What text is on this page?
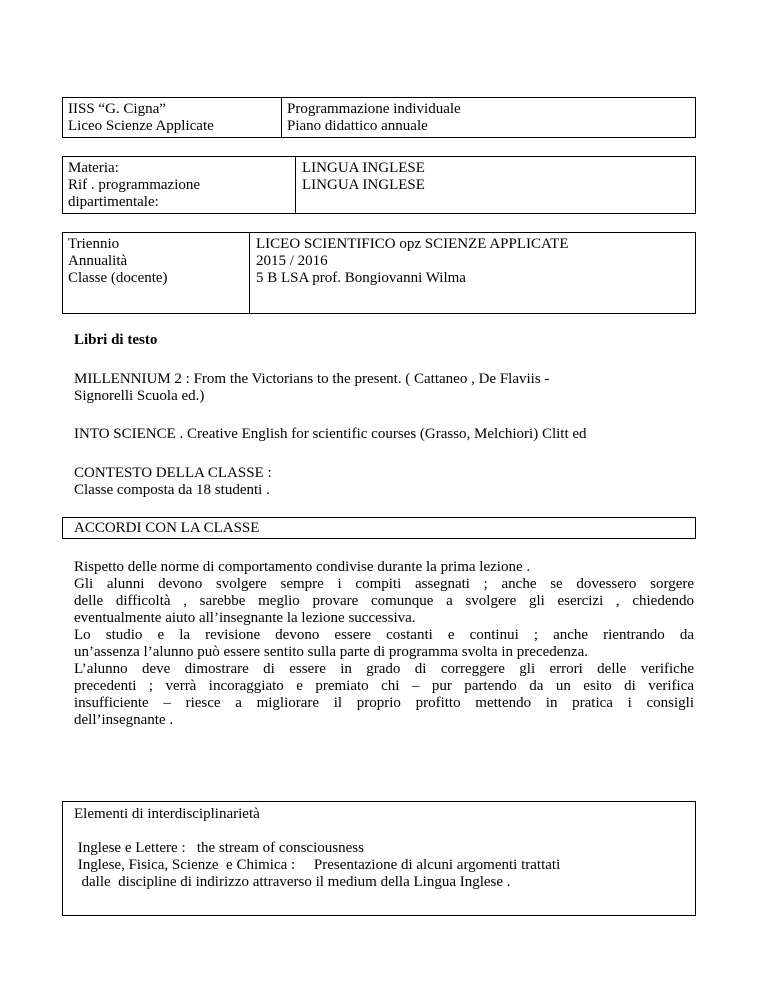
IISS “G. Cigna”
Liceo Scienze Applicate
Programmazione individuale
Piano didattico annuale
Materia:
Rif . programmazione
dipartimentale:
LINGUA INGLESE
LINGUA INGLESE
Triennio
Annualità
Classe (docente)
LICEO SCIENTIFICO opz SCIENZE APPLICATE
2015 / 2016
5 B LSA prof. Bongiovanni Wilma
Libri di testo
MILLENNIUM 2 : From the Victorians to the present. ( Cattaneo , De Flaviis -
Signorelli Scuola ed.)
INTO SCIENCE . Creative English for scientific courses (Grasso, Melchiori) Clitt ed
CONTESTO DELLA CLASSE :
Classe composta da 18 studenti .
ACCORDI CON LA CLASSE
Rispetto delle norme di comportamento condivise durante la prima lezione .
Gli alunni devono svolgere sempre i compiti assegnati ; anche se dovessero sorgere
delle difficoltà , sarebbe meglio provare comunque a svolgere gli esercizi , chiedendo
eventualmente aiuto all’insegnante la lezione successiva.
Lo studio e la revisione devono essere costanti e continui ; anche rientrando da
un’assenza l’alunno può essere sentito sulla parte di programma svolta in precedenza.
L’alunno deve dimostrare di essere in grado di correggere gli errori delle verifiche
precedenti ; verrà incoraggiato e premiato chi – pur partendo da un esito di verifica
insufficiente – riesce a migliorare il proprio profitto mettendo in pratica i consigli
dell’insegnante .
Elementi di interdisciplinarietà
Inglese e Lettere :   the stream of consciousness
Inglese, Fisica, Scienze  e Chimica :     Presentazione di alcuni argomenti trattati
dalle  discipline di indirizzo attraverso il medium della Lingua Inglese .
